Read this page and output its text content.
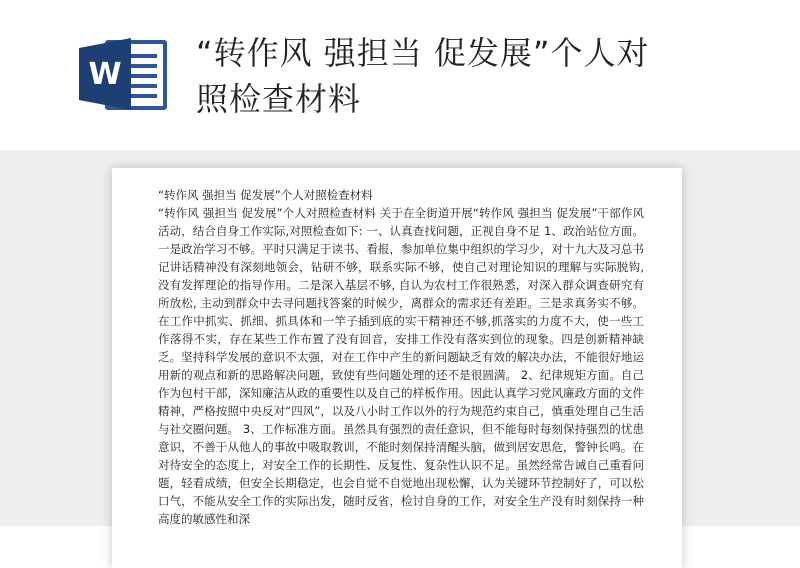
W
“转作风 强担当 促发展”个人对照检查材料

“转作风 强担当 促发展”个人对照检查材料

“转作风 强担当 促发展”个人对照检查材料 关于在全街道开展“转作风 强担当 促发展”干部作风活动，结合自身工作实际,对照检查如下: 一、认真查找问题，正视自身不足 1、政治站位方面。一是政治学习不够。平时只满足于读书、看报，参加单位集中组织的学习少，对十九大及习总书记讲话精神没有深刻地领会，钻研不够，联系实际不够，使自己对理论知识的理解与实际脱钩, 没有发挥理论的指导作用。二是深入基层不够, 自认为农村工作很熟悉，对深入群众调查研究有所放松, 主动到群众中去寻问题找答案的时候少，离群众的需求还有差距。三是求真务实不够。在工作中抓实、抓细、抓具体和一竿子插到底的实干精神还不够,抓落实的力度不大，使一些工作落得不实，存在某些工作布置了没有回音，安排工作没有落实到位的现象。四是创新精神缺乏。坚持科学发展的意识不太强，对在工作中产生的新问题缺乏有效的解决办法，不能很好地运用新的观点和新的思路解决问题，致使有些问题处理的还不是很圆满。 2、纪律规矩方面。自己作为包村干部，深知廉洁从政的重要性以及自己的样板作用。因此认真学习党风廉政方面的文件精神，严格按照中央反对“四风”，以及八小时工作以外的行为规范约束自己，慎重处理自己生活与社交圈问题。 3、工作标准方面。虽然具有强烈的责任意识，但不能每时每刻保持强烈的忧患意识，不善于从他人的事故中吸取教训，不能时刻保持清醒头脑，做到居安思危，警钟长鸣。在对待安全的态度上，对安全工作的长期性、反复性、复杂性认识不足。虽然经常告诫自己重看问题，轻看成绩，但安全长期稳定，也会自觉不自觉地出现松懈，认为关键环节控制好了，可以松口气，不能从安全工作的实际出发，随时反省，检讨自身的工作，对安全生产没有时刻保持一种高度的敏感性和深
